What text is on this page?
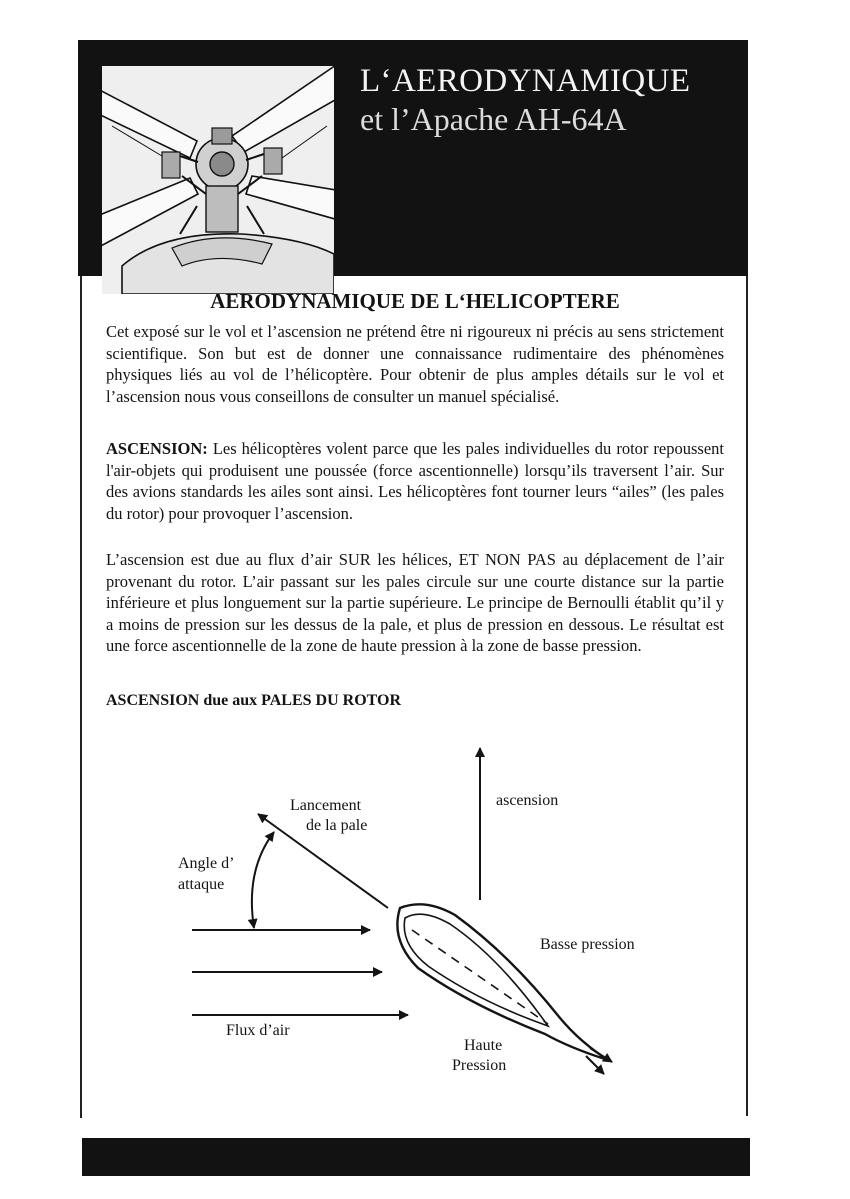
L‘AERODYNAMIQUE
et l’Apache AH-64A
AERODYNAMIQUE DE L‘HELICOPTERE

Cet exposé sur le vol et l’ascension ne prétend être ni rigoureux ni précis au sens strictement scientifique. Son but est de donner une connaissance rudimentaire des phénomènes physiques liés au vol de l’hélicoptère. Pour obtenir de plus amples détails sur le vol et l’ascension nous vous conseillons de consulter un manuel spécialisé.

ASCENSION: Les hélicoptères volent parce que les pales individuelles du rotor repoussent l'air-objets qui produisent une poussée (force ascentionnelle) lorsqu’ils traversent l’air. Sur des avions standards les ailes sont ainsi. Les hélicoptères font tourner leurs “ailes” (les pales du rotor) pour provoquer l’ascension.

L’ascension est due au flux d’air SUR les hélices, ET NON PAS au déplacement de l’air provenant du rotor. L’air passant sur les pales circule sur une courte distance sur la partie inférieure et plus longuement sur la partie supérieure. Le principe de Bernoulli établit qu’il y a moins de pression sur les dessus de la pale, et plus de pression en dessous. Le résultat est une force ascentionnelle de la zone de haute pression à la zone de basse pression.

ASCENSION due aux PALES DU ROTOR
Lancement
de la pale
ascension
Angle d’
attaque
Basse pression
Flux d’air
Haute
Pression
